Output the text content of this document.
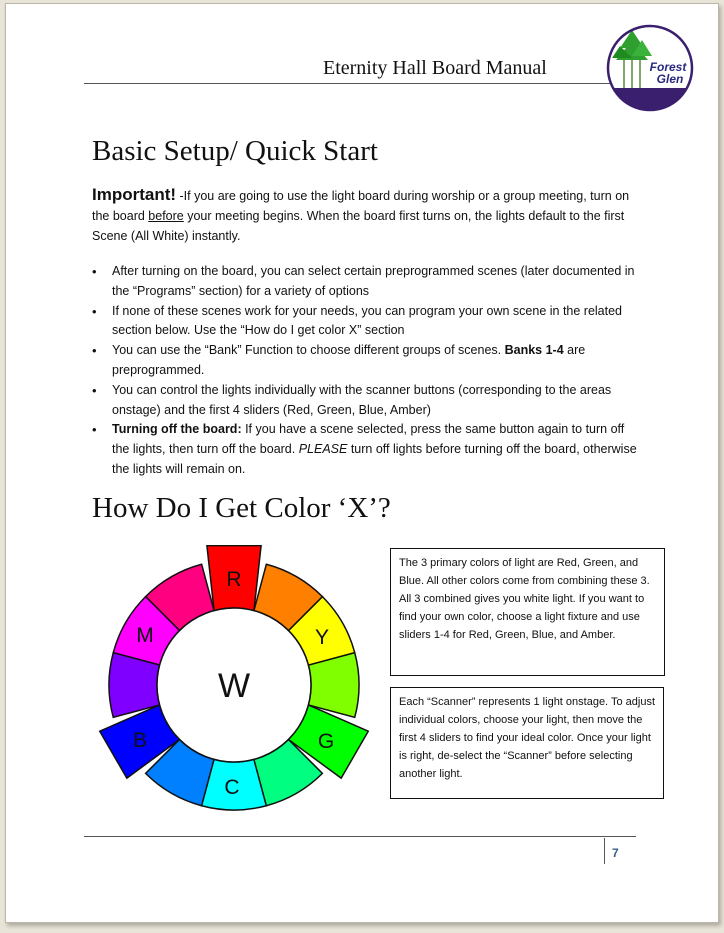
Eternity Hall Board Manual	Forest
Glen
Basic Setup/ Quick Start
Important! -If you are going to use the light board during worship or a group meeting, turn on the board before your meeting begins. When the board first turns on, the lights default to the first Scene (All White) instantly.
• After turning on the board, you can select certain preprogrammed scenes (later documented in the “Programs” section) for a variety of options
• If none of these scenes work for your needs, you can program your own scene in the related section below. Use the “How do I get color X” section
• You can use the “Bank” Function to choose different groups of scenes. Banks 1-4 are preprogrammed.
• You can control the lights individually with the scanner buttons (corresponding to the areas onstage) and the first 4 sliders (Red, Green, Blue, Amber)
• Turning off the board: If you have a scene selected, press the same button again to turn off the lights, then turn off the board. PLEASE turn off lights before turning off the board, otherwise the lights will remain on.
How Do I Get Color ‘X’?
W
R
Y
G
C
B
M
The 3 primary colors of light are Red, Green, and Blue. All other colors come from combining these 3. All 3 combined gives you white light. If you want to find your own color, choose a light fixture and use sliders 1-4 for Red, Green, Blue, and Amber.
Each “Scanner” represents 1 light onstage. To adjust individual colors, choose your light, then move the first 4 sliders to find your ideal color. Once your light is right, de-select the “Scanner” before selecting another light.
7
